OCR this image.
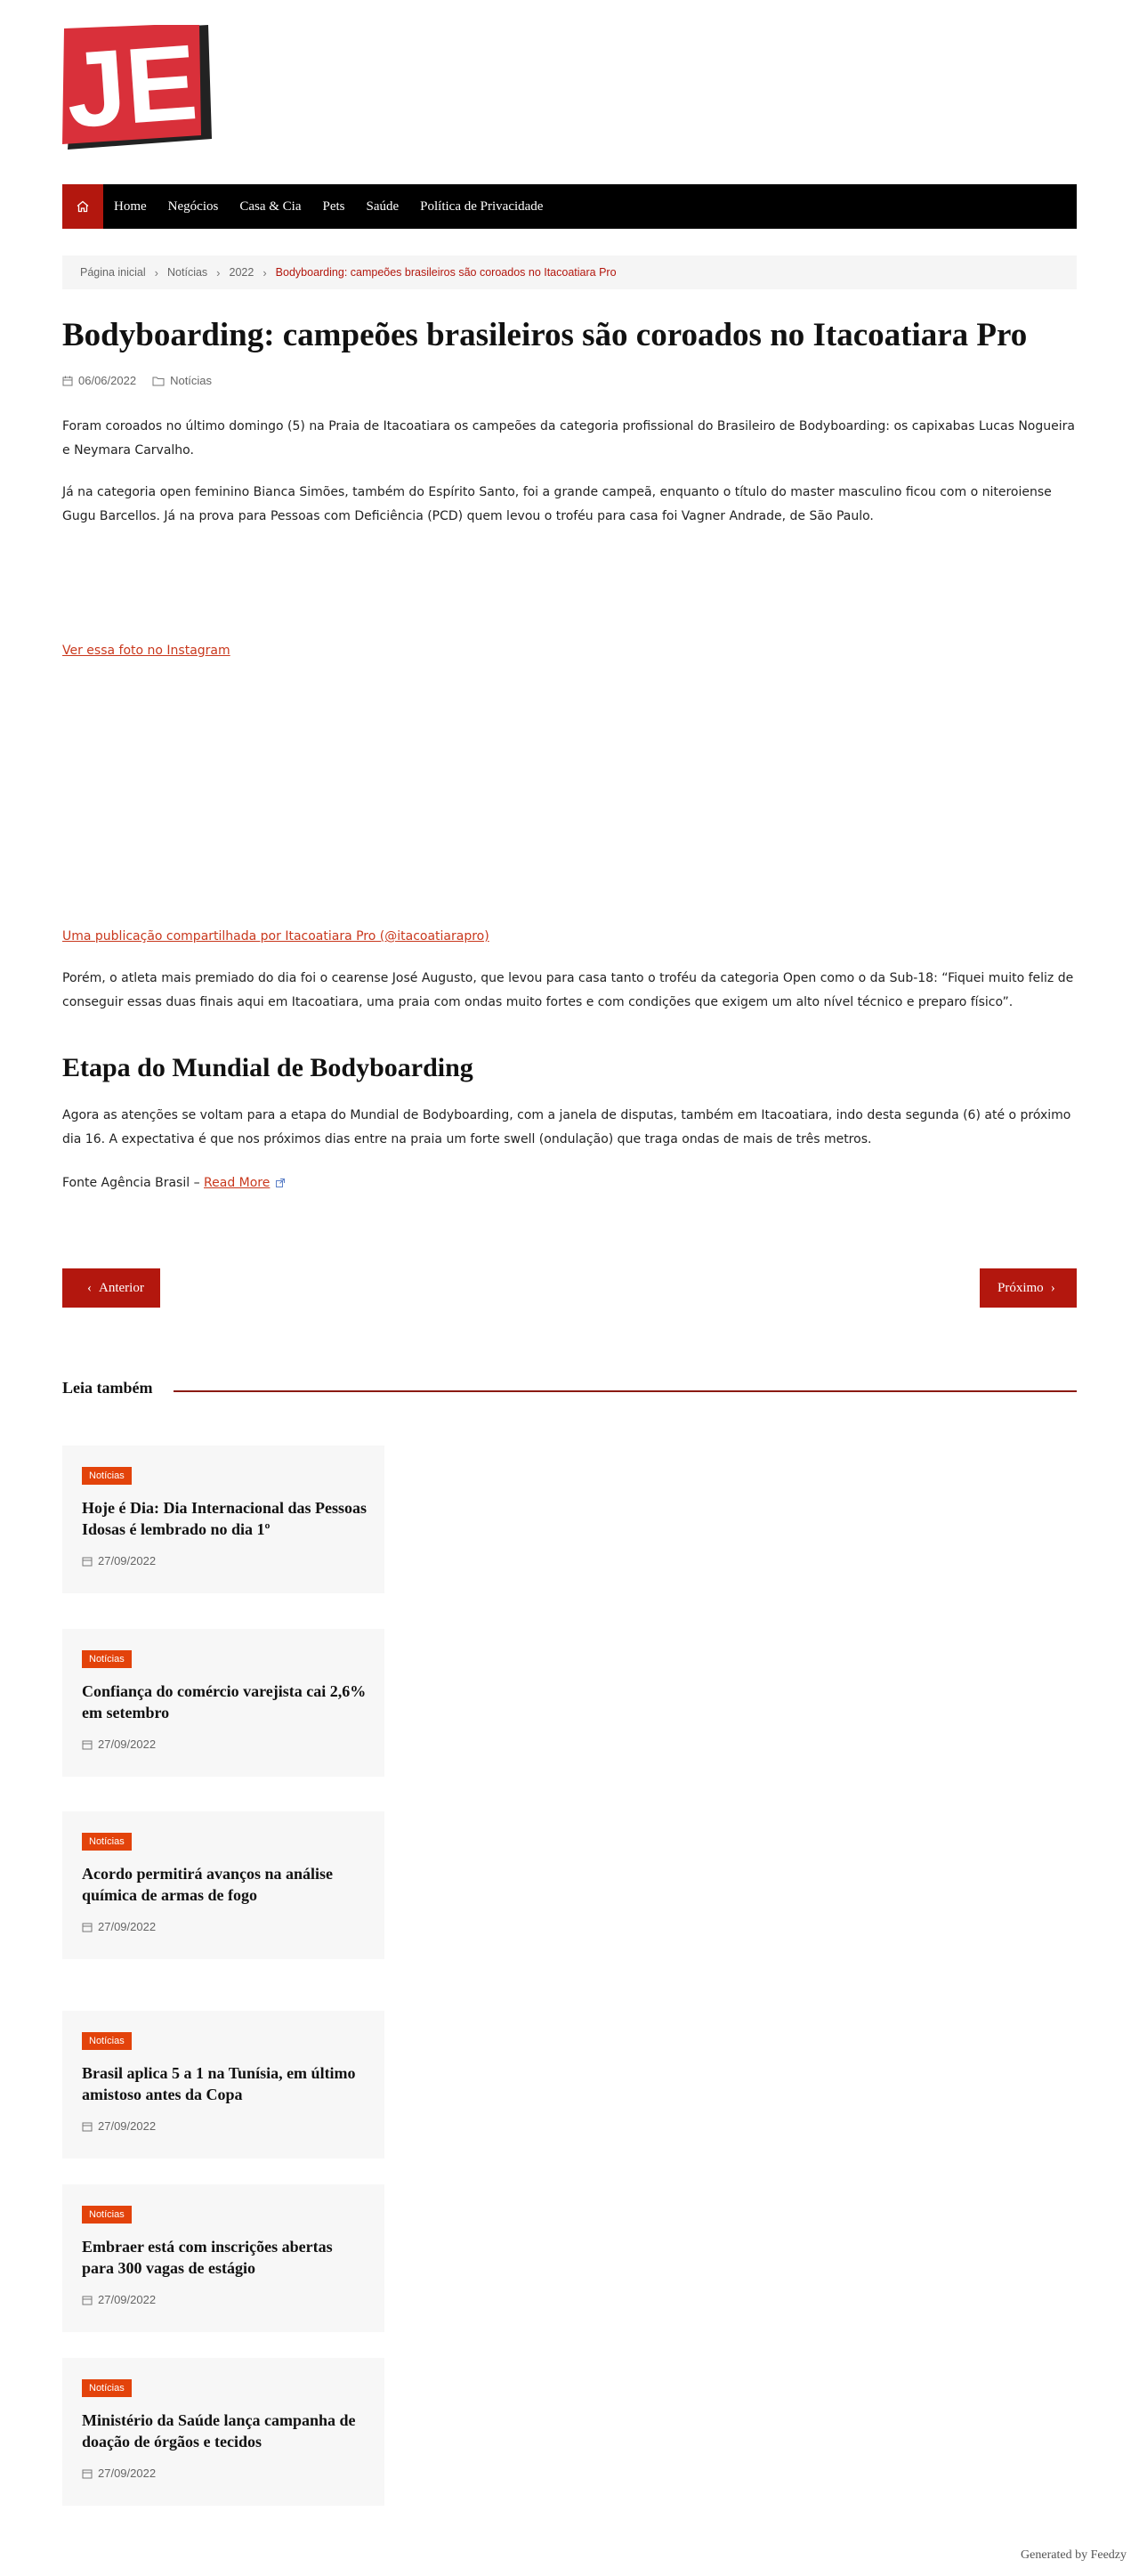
JE
Home	Negócios	Casa & Cia	Pets	Saúde	Política de Privacidade
Página inicial › Notícias › 2022 › Bodyboarding: campeões brasileiros são coroados no Itacoatiara Pro
Bodyboarding: campeões brasileiros são coroados no Itacoatiara Pro
06/06/2022	Notícias

Foram coroados no último domingo (5) na Praia de Itacoatiara os campeões da categoria profissional do Brasileiro de Bodyboarding: os capixabas Lucas Nogueira e Neymara Carvalho.

Já na categoria open feminino Bianca Simões, também do Espírito Santo, foi a grande campeã, enquanto o título do master masculino ficou com o niteroiense Gugu Barcellos. Já na prova para Pessoas com Deficiência (PCD) quem levou o troféu para casa foi Vagner Andrade, de São Paulo.

Ver essa foto no Instagram
Uma publicação compartilhada por Itacoatiara Pro (@itacoatiarapro)

Porém, o atleta mais premiado do dia foi o cearense José Augusto, que levou para casa tanto o troféu da categoria Open como o da Sub-18: “Fiquei muito feliz de conseguir essas duas finais aqui em Itacoatiara, uma praia com ondas muito fortes e com condições que exigem um alto nível técnico e preparo físico”.

Etapa do Mundial de Bodyboarding

Agora as atenções se voltam para a etapa do Mundial de Bodyboarding, com a janela de disputas, também em Itacoatiara, indo desta segunda (6) até o próximo dia 16. A expectativa é que nos próximos dias entre na praia um forte swell (ondulação) que traga ondas de mais de três metros.

Fonte Agência Brasil – Read More

‹ Anterior	Próximo ›
Leia também
Notícias
Hoje é Dia: Dia Internacional das Pessoas Idosas é lembrado no dia 1º
27/09/2022
Notícias
Confiança do comércio varejista cai 2,6% em setembro
27/09/2022
Notícias
Acordo permitirá avanços na análise química de armas de fogo
27/09/2022
Notícias
Brasil aplica 5 a 1 na Tunísia, em último amistoso antes da Copa
27/09/2022
Notícias
Embraer está com inscrições abertas para 300 vagas de estágio
27/09/2022
Notícias
Ministério da Saúde lança campanha de doação de órgãos e tecidos
27/09/2022
Generated by Feedzy
